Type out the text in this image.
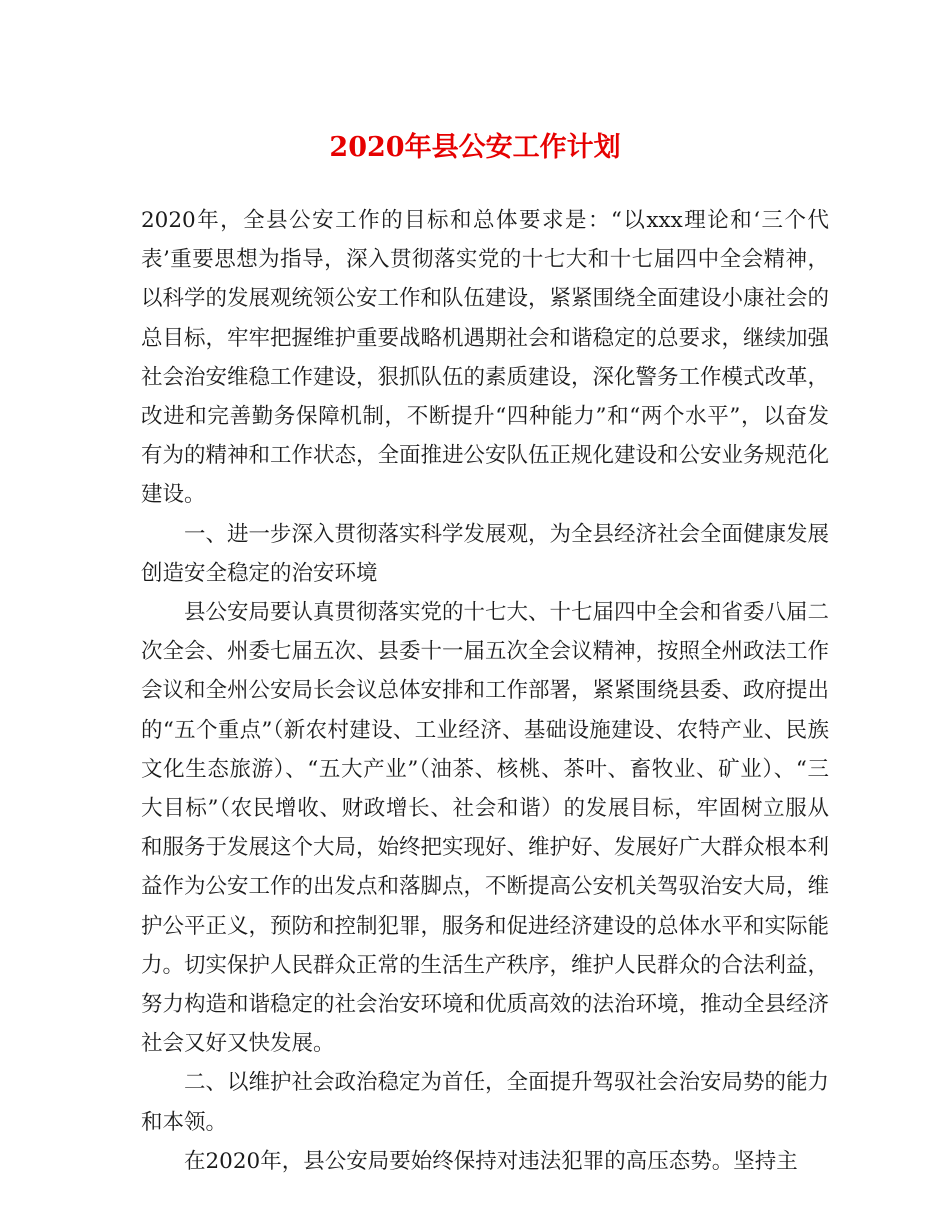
2020年县公安工作计划

2020年，全县公安工作的目标和总体要求是：“以xxx理论和‘三个代表’重要思想为指导，深入贯彻落实党的十七大和十七届四中全会精神，以科学的发展观统领公安工作和队伍建设，紧紧围绕全面建设小康社会的总目标，牢牢把握维护重要战略机遇期社会和谐稳定的总要求，继续加强社会治安维稳工作建设，狠抓队伍的素质建设，深化警务工作模式改革，改进和完善勤务保障机制，不断提升“四种能力”和“两个水平”，以奋发有为的精神和工作状态，全面推进公安队伍正规化建设和公安业务规范化建设。

一、进一步深入贯彻落实科学发展观，为全县经济社会全面健康发展创造安全稳定的治安环境

县公安局要认真贯彻落实党的十七大、十七届四中全会和省委八届二次全会、州委七届五次、县委十一届五次全会议精神，按照全州政法工作会议和全州公安局长会议总体安排和工作部署，紧紧围绕县委、政府提出的“五个重点”（新农村建设、工业经济、基础设施建设、农特产业、民族文化生态旅游）、“五大产业”（油茶、核桃、茶叶、畜牧业、矿业）、“三大目标”（农民增收、财政增长、社会和谐）的发展目标，牢固树立服从和服务于发展这个大局，始终把实现好、维护好、发展好广大群众根本利益作为公安工作的出发点和落脚点，不断提高公安机关驾驭治安大局，维护公平正义，预防和控制犯罪，服务和促进经济建设的总体水平和实际能力。切实保护人民群众正常的生活生产秩序，维护人民群众的合法利益，努力构造和谐稳定的社会治安环境和优质高效的法治环境，推动全县经济社会又好又快发展。

二、以维护社会政治稳定为首任，全面提升驾驭社会治安局势的能力和本领。

在2020年，县公安局要始终保持对违法犯罪的高压态势。坚持主
